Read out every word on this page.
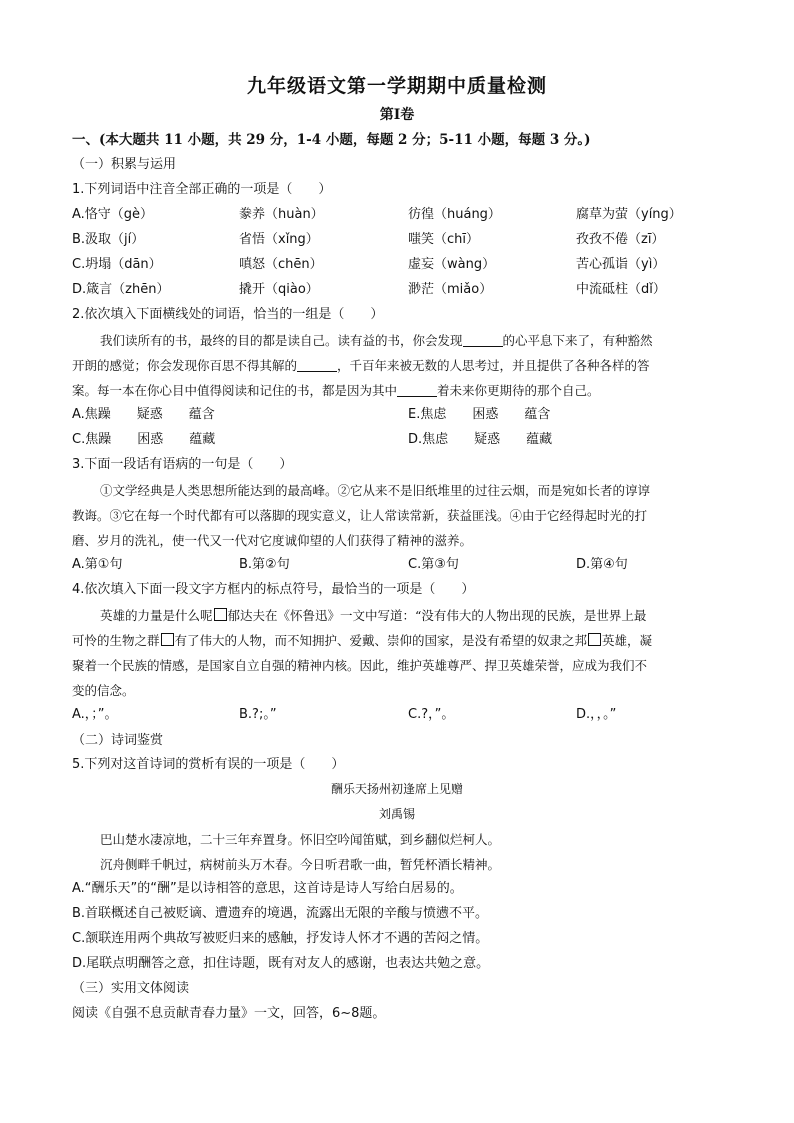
九年级语文第一学期期中质量检测
第Ⅰ卷
一、(本大题共 11 小题，共 29 分，1-4 小题，每题 2 分；5-11 小题，每题 3 分。)
（一）积累与运用
1.下列词语中注音全部正确的一项是（　　）
A.恪守（gè）	豢养（huàn）	彷徨（huáng）	腐草为萤（yíng）
B.汲取（jí）	省悟（xǐng）	嗤笑（chī）	孜孜不倦（zī）
C.坍塌（dān）	嗔怒（chēn）	虚妄（wàng）	苦心孤诣（yì）
D.箴言（zhēn）	撬开（qiào）	渺茫（miǎo）	中流砥柱（dǐ）
2.依次填入下面横线处的词语，恰当的一组是（　　）
我们读所有的书，最终的目的都是读自己。读有益的书，你会发现	的心平息下来了，有种豁然
开朗的感觉；你会发现你百思不得其解的	，千百年来被无数的人思考过，并且提供了各种各样的答
案。每一本在你心目中值得阅读和记住的书，都是因为其中	着未来你更期待的那个自己。
A.焦躁　　疑惑　　蕴含	E.焦虑　　困惑　　蕴含
C.焦躁　　困惑　　蕴藏	D.焦虑　　疑惑　　蕴藏
3.下面一段话有语病的一句是（　　）
①文学经典是人类思想所能达到的最高峰。②它从来不是旧纸堆里的过往云烟，而是宛如长者的谆谆
教诲。③它在每一个时代都有可以落脚的现实意义，让人常读常新，获益匪浅。④由于它经得起时光的打
磨、岁月的洗礼，使一代又一代对它度诚仰望的人们获得了精神的滋养。
A.第①句	B.第②句	C.第③句	D.第④句
4.依次填入下面一段文字方框内的标点符号，最恰当的一项是（　　）
英雄的力量是什么呢 郁达夫在《怀鲁迅》一文中写道：“没有伟大的人物出现的民族，是世界上最
可怜的生物之群 有了伟大的人物，而不知拥护、爱戴、崇仰的国家，是没有希望的奴隶之邦 英雄，凝
聚着一个民族的情感，是国家自立自强的精神内核。因此，维护英雄尊严、捍卫英雄荣誉，应成为我们不
变的信念。
A.，；”。	B.?;。”	C.?，”。	D.，，。”
（二）诗词鉴赏
5.下列对这首诗词的赏析有误的一项是（　　）
酬乐天扬州初逢席上见赠
刘禹锡
巴山楚水凄凉地，二十三年弃置身。怀旧空吟闻笛赋，到乡翻似烂柯人。
沉舟侧畔千帆过，病树前头万木春。今日听君歌一曲，暂凭杯酒长精神。
A.“酬乐天”的“酬”是以诗相答的意思，这首诗是诗人写给白居易的。
B.首联概述自己被贬谪、遭遗弃的境遇，流露出无限的辛酸与愤懑不平。
C.颔联连用两个典故写被贬归来的感触，抒发诗人怀才不遇的苦闷之情。
D.尾联点明酬答之意，扣住诗题，既有对友人的感谢，也表达共勉之意。
（三）实用文体阅读
阅读《自强不息贡献青春力量》一文，回答，6~8题。
